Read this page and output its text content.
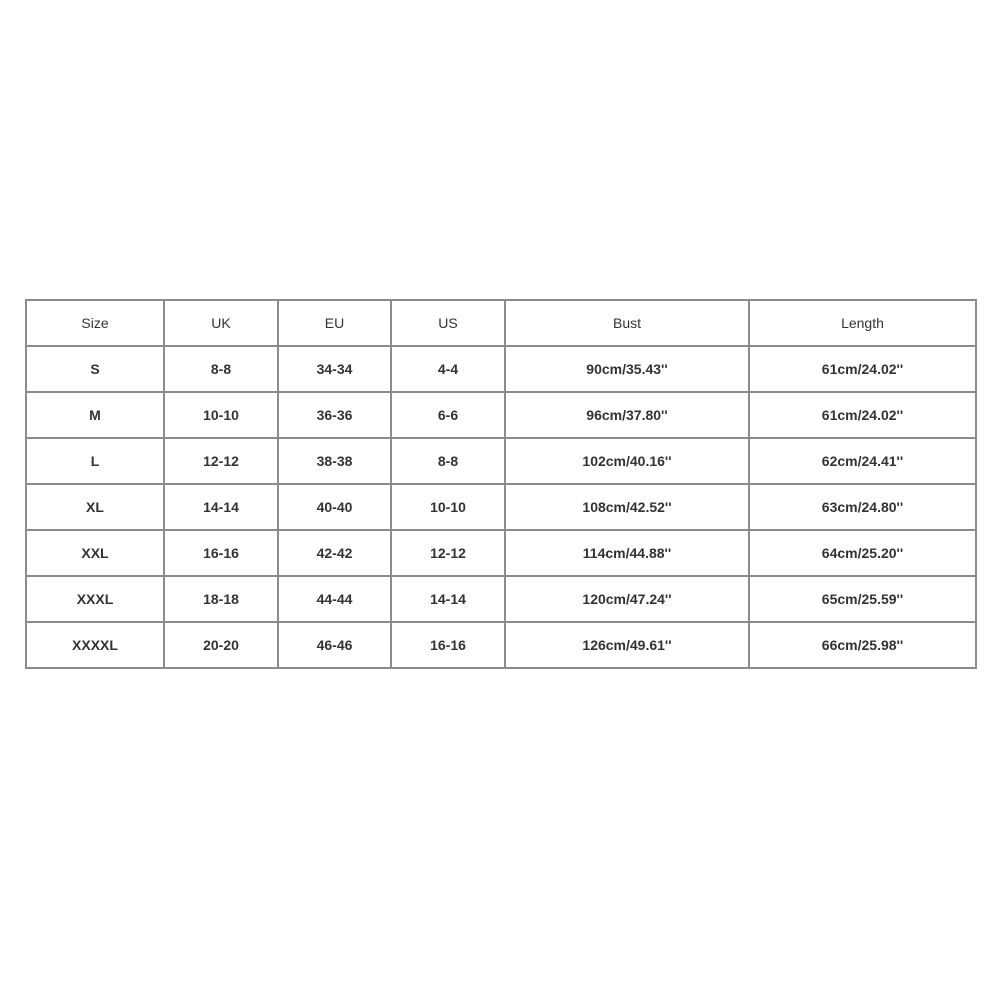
Size	UK	EU	US	Bust	Length
S	8-8	34-34	4-4	90cm/35.43''	61cm/24.02''
M	10-10	36-36	6-6	96cm/37.80''	61cm/24.02''
L	12-12	38-38	8-8	102cm/40.16''	62cm/24.41''
XL	14-14	40-40	10-10	108cm/42.52''	63cm/24.80''
XXL	16-16	42-42	12-12	114cm/44.88''	64cm/25.20''
XXXL	18-18	44-44	14-14	120cm/47.24''	65cm/25.59''
XXXXL	20-20	46-46	16-16	126cm/49.61''	66cm/25.98''
